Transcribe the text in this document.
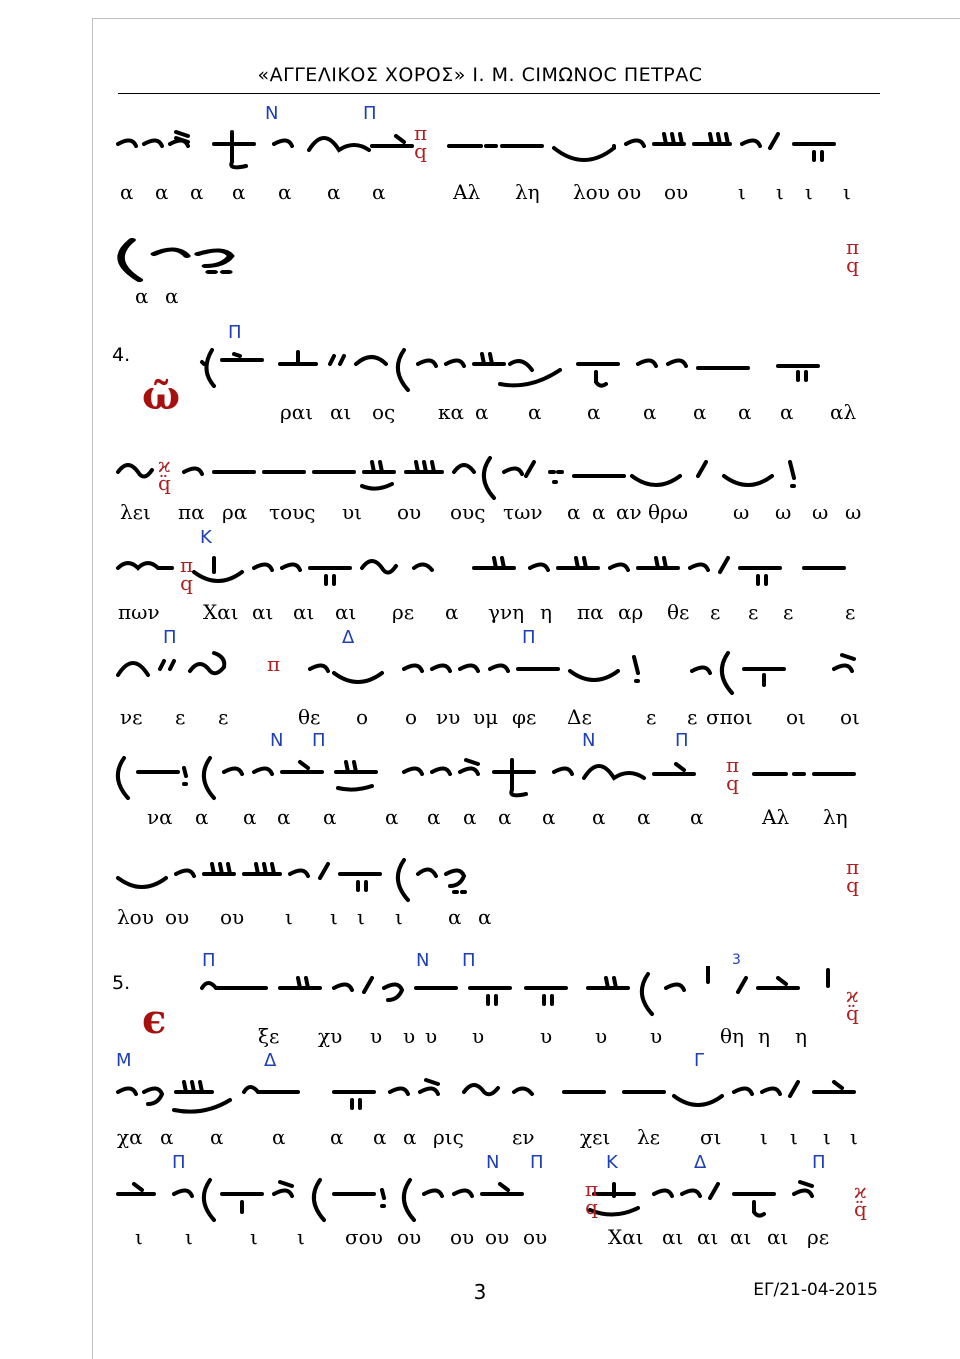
«ΑΓΓΕΛΙΚΟΣ ΧΟΡΟΣ» Ι. Μ. CΙΜΩΝΟC ΠΕΤΡΑC
Ν	Π
π
q
α α α α α α α	Αλ λη λου ου ου ι ι ι ι
π
q
α α
4.
ῶ
Π
ραι αι ος κα α α α α α α α αλ
ϰ
q̈
λει πα ρα τους υι ου ους των α α αν θρω ω ω ω ω
Κ
π
q
πων Χαι αι αι αι ρε α γνη η πα αρ θε ε ε ε	ε
Π	Δ	Π
π
νε ε ε	θε ο ο νυ υμ φε Δε	ε ε σποι οι οι
Ν Π	Ν	Π
π
q
να α α α α α α α α α α α α	Αλ λη
π
q
λου ου ου ι ι ι ι α α
5.
ϵ
Π	Ν Π	3
ϰ
q̈
ξε χυ υ υ υ υ	υ υ υ	θη η η
Μ	Δ	Γ
χα α α α α α α ρις εν χει λε σι ι ι ι ι
Π	Ν Π	Κ	Δ	Π
π
q
ϰ
q̈
ι ι	ι ι σου ου ου ου ου	Χαι αι αι αι αι ρε
3	ΕΓ/21-04-2015
